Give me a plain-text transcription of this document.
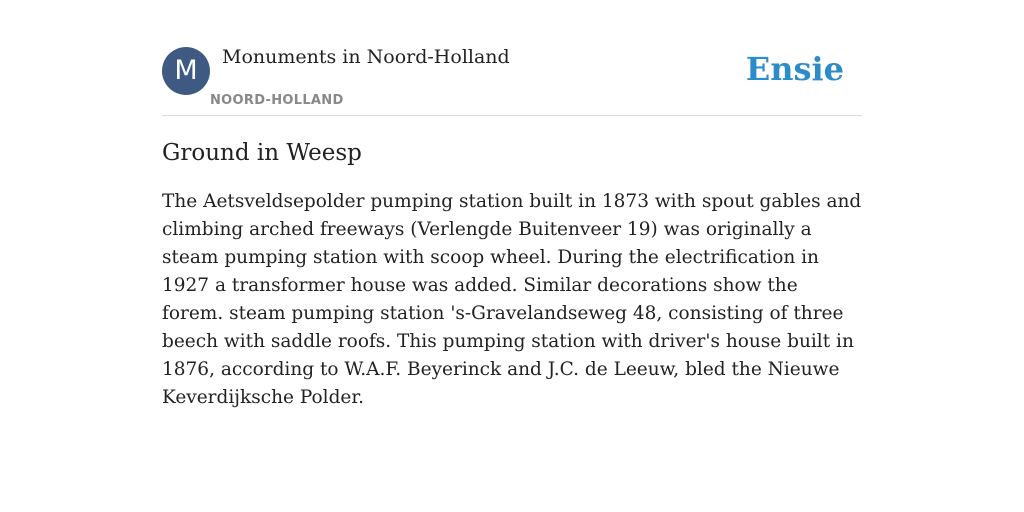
M	Monuments in Noord-Holland
NOORD-HOLLAND
Ensie
Ground in Weesp
The Aetsveldsepolder pumping station built in 1873 with spout gables and climbing arched freeways (Verlengde Buitenveer 19) was originally a steam pumping station with scoop wheel. During the electrification in 1927 a transformer house was added. Similar decorations show the forem. steam pumping station 's-Gravelandseweg 48, consisting of three beech with saddle roofs. This pumping station with driver's house built in 1876, according to W.A.F. Beyerinck and J.C. de Leeuw, bled the Nieuwe Keverdijksche Polder.
